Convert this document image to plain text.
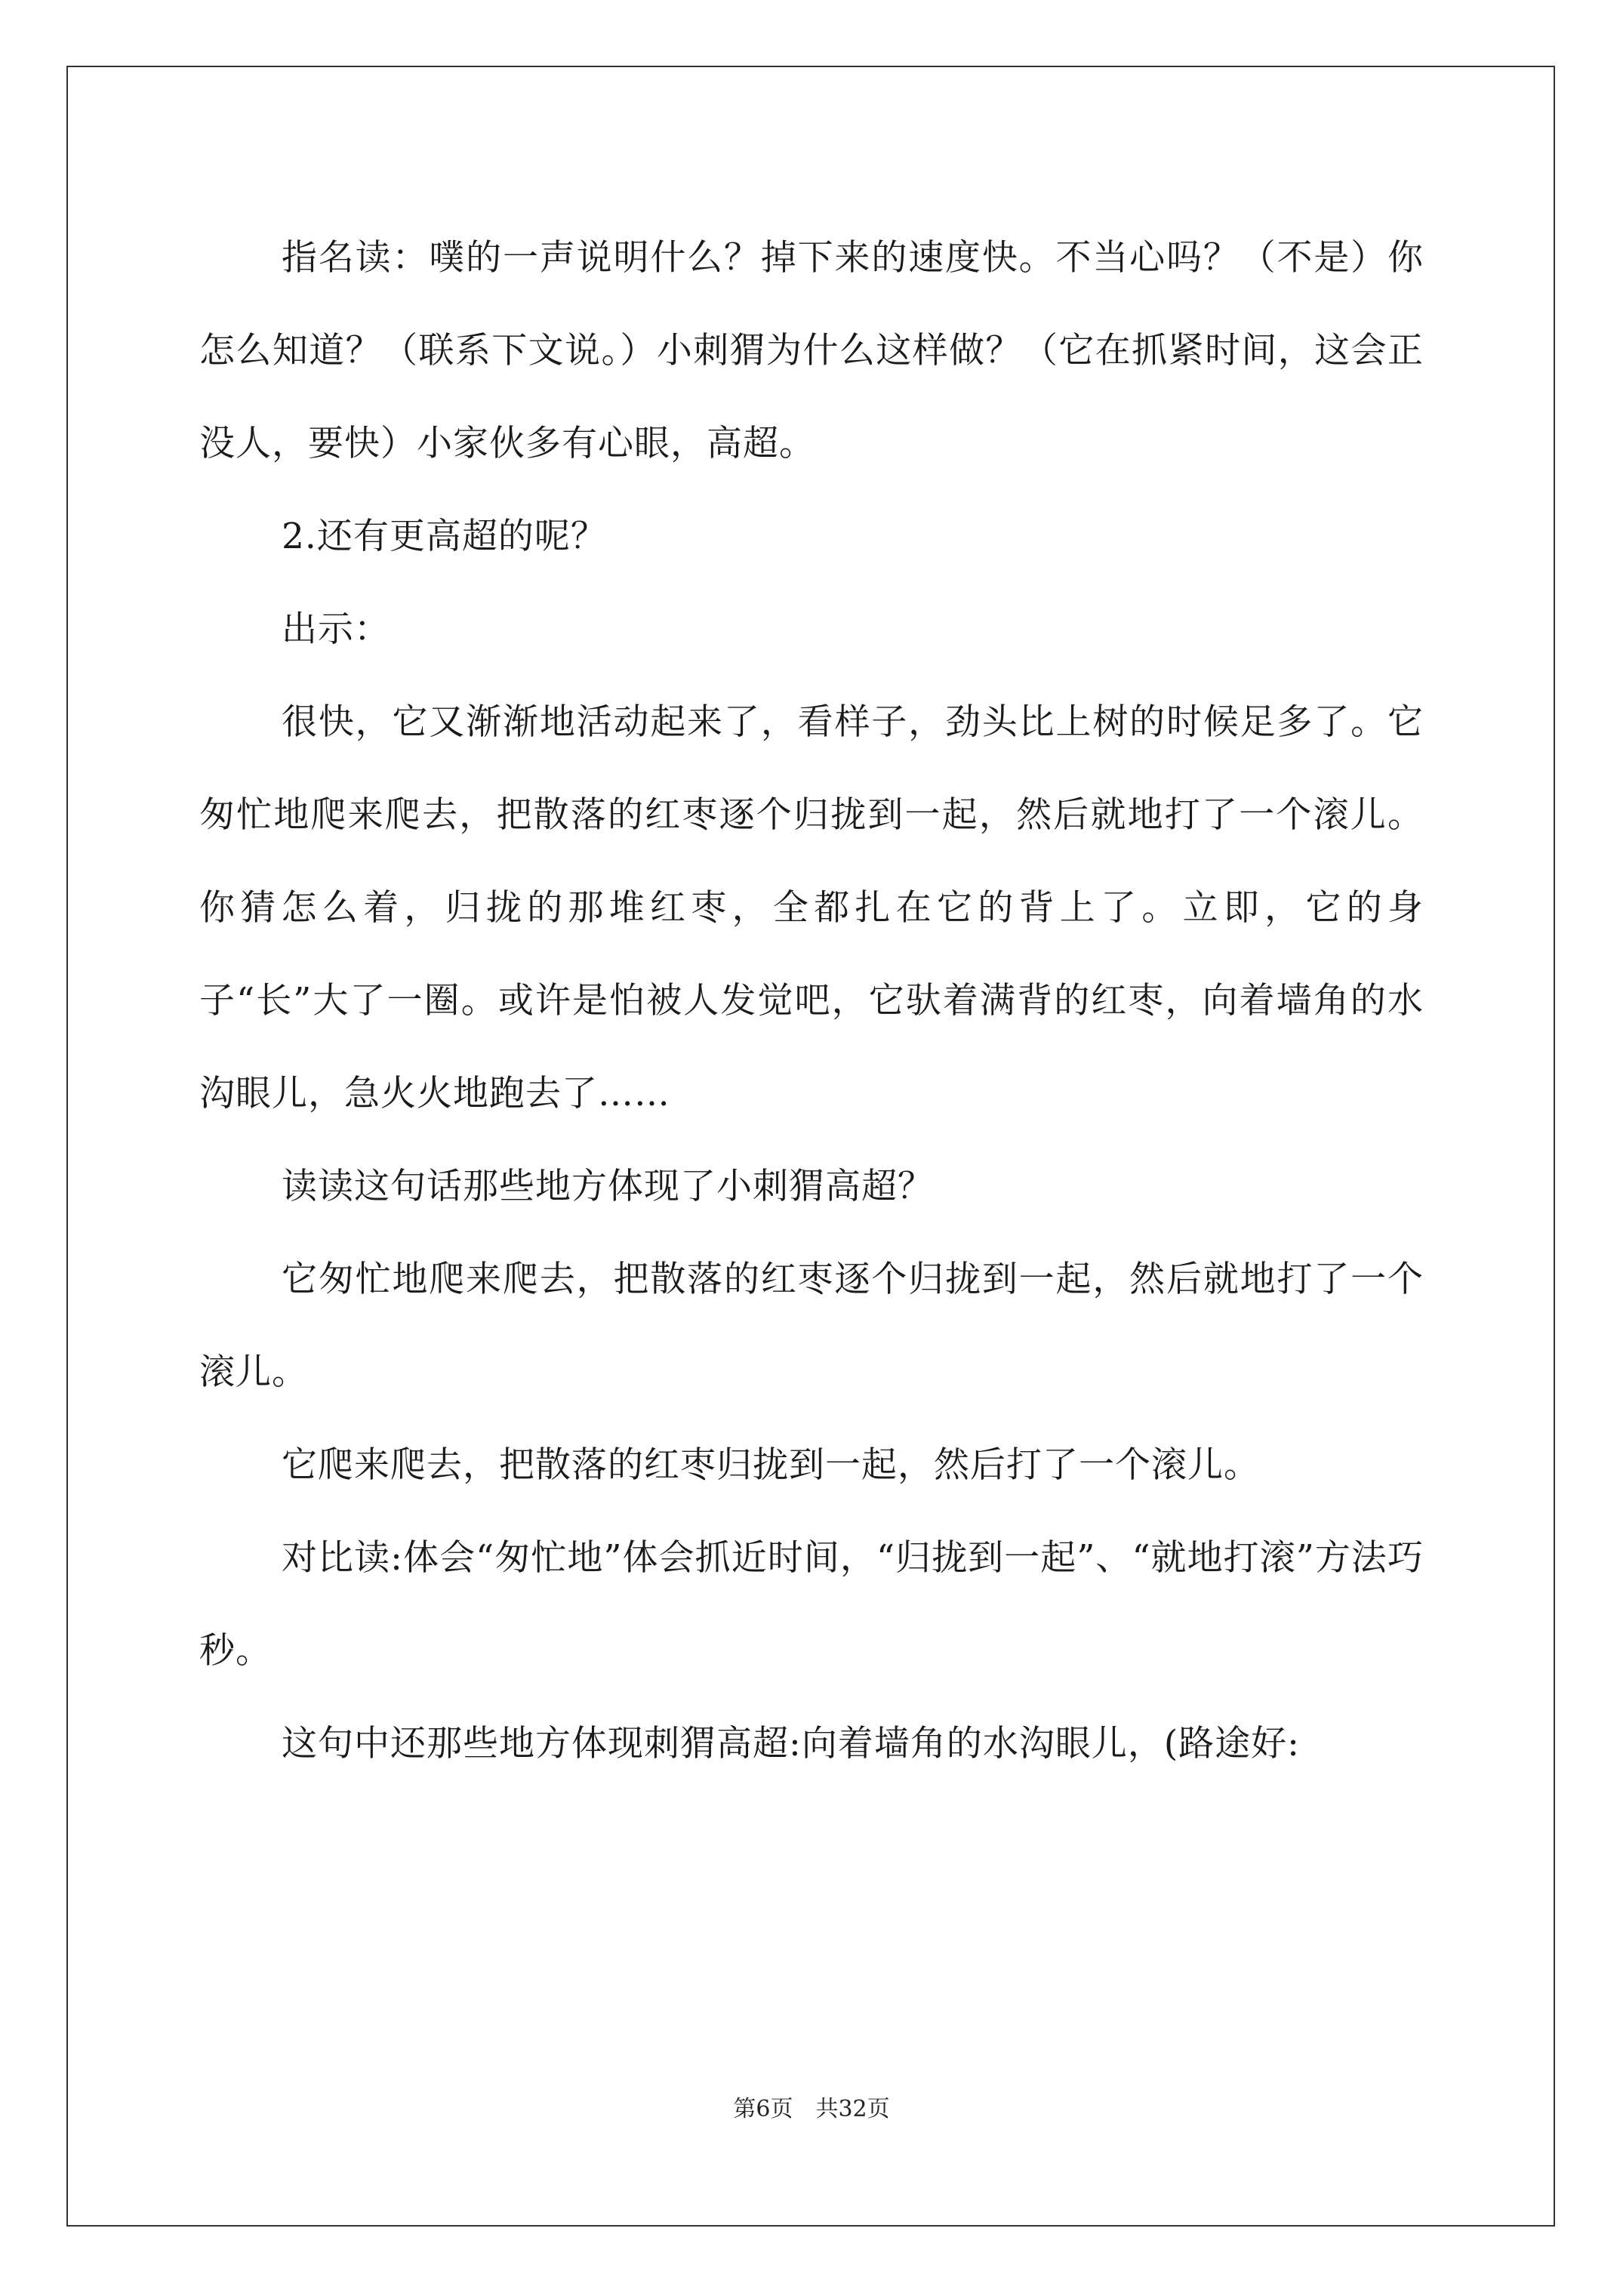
指名读：噗的一声说明什么？掉下来的速度快。不当心吗？（不是）你怎么知道？（联系下文说。）小刺猬为什么这样做？（它在抓紧时间，这会正没人，要快）小家伙多有心眼，高超。

2.还有更高超的呢？

出示：

很快，它又渐渐地活动起来了，看样子，劲头比上树的时候足多了。它匆忙地爬来爬去，把散落的红枣逐个归拢到一起，然后就地打了一个滚儿。你猜怎么着，归拢的那堆红枣，全都扎在它的背上了。立即，它的身子“长”大了一圈。或许是怕被人发觉吧，它驮着满背的红枣，向着墙角的水沟眼儿，急火火地跑去了……

读读这句话那些地方体现了小刺猬高超？

它匆忙地爬来爬去，把散落的红枣逐个归拢到一起，然后就地打了一个滚儿。

它爬来爬去，把散落的红枣归拢到一起，然后打了一个滚儿。

对比读:体会“匆忙地”体会抓近时间，“归拢到一起”、“就地打滚”方法巧秒。

这句中还那些地方体现刺猬高超:向着墙角的水沟眼儿，(路途好:

第6页　共32页
